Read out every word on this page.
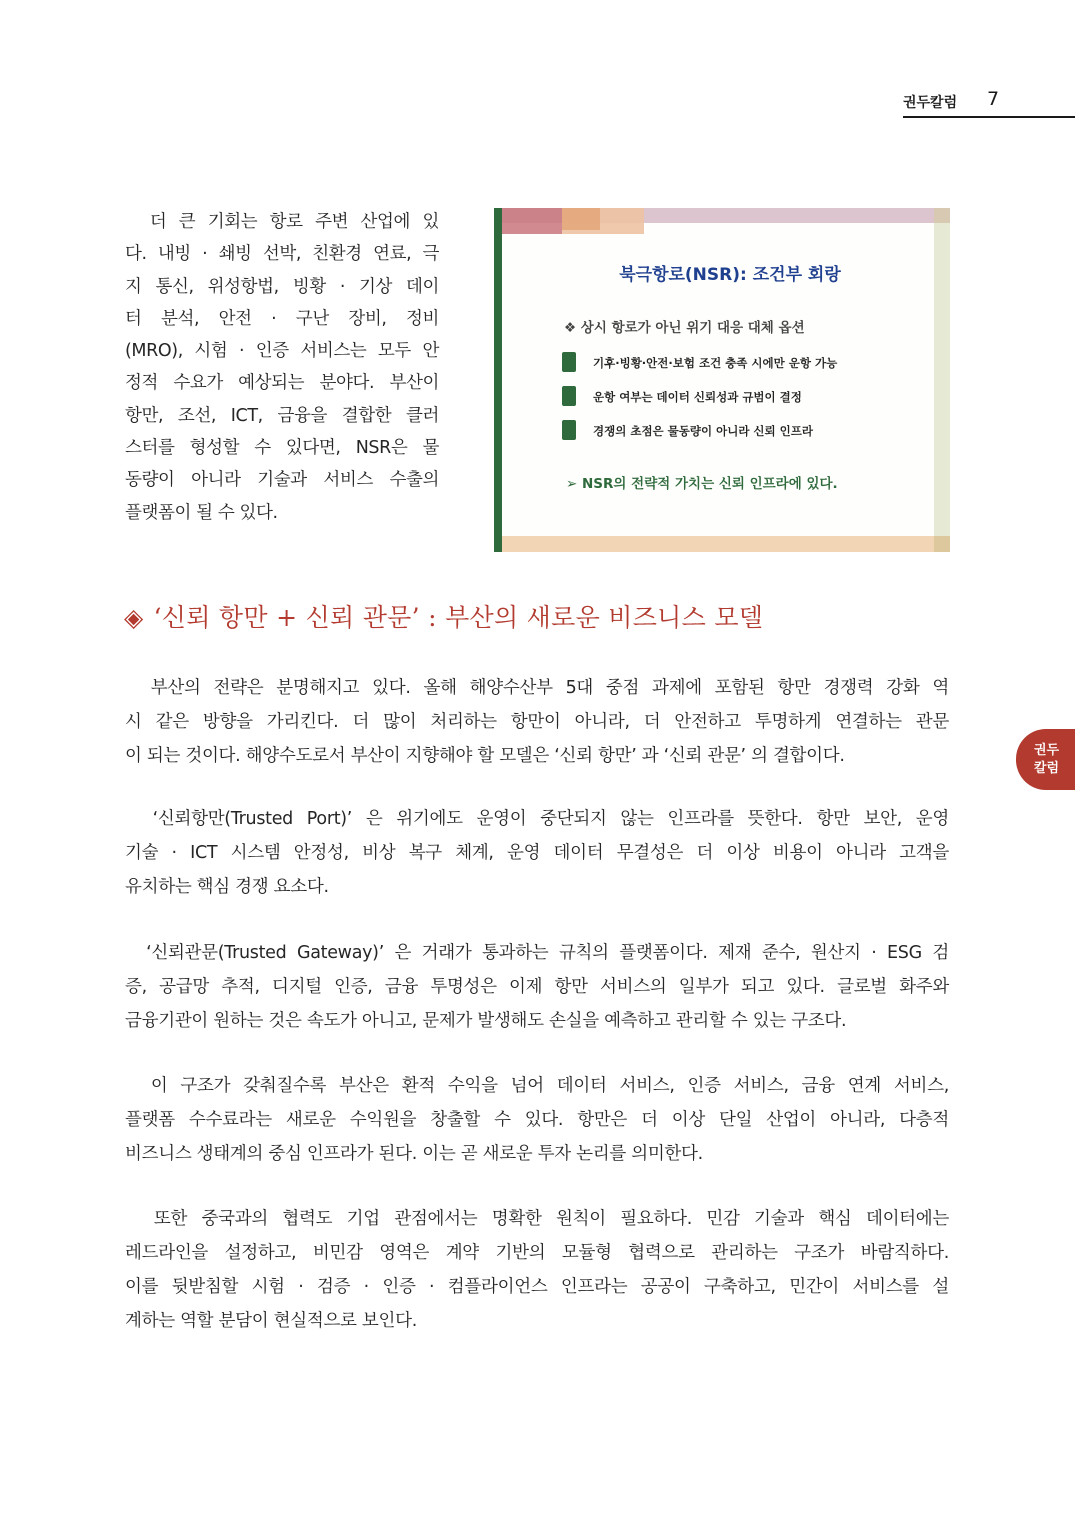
권두칼럼 7
권두
칼럼
더 큰 기회는 항로 주변 산업에 있
다. 내빙 · 쇄빙 선박, 친환경 연료, 극
지 통신, 위성항법, 빙황 · 기상 데이
터 분석, 안전 · 구난 장비, 정비
(MRO), 시험 · 인증 서비스는 모두 안
정적 수요가 예상되는 분야다. 부산이
항만, 조선, ICT, 금융을 결합한 클러
스터를 형성할 수 있다면, NSR은 물
동량이 아니라 기술과 서비스 수출의
플랫폼이 될 수 있다.
북극항로(NSR): 조건부 회랑
❖ 상시 항로가 아닌 위기 대응 대체 옵션
기후·빙황·안전·보험 조건 충족 시에만 운항 가능
운항 여부는 데이터 신뢰성과 규범이 결정
경쟁의 초점은 물동량이 아니라 신뢰 인프라
➢ NSR의 전략적 가치는 신뢰 인프라에 있다.
◈ ‘신뢰 항만 + 신뢰 관문’ : 부산의 새로운 비즈니스 모델
부산의 전략은 분명해지고 있다. 올해 해양수산부 5대 중점 과제에 포함된 항만 경쟁력 강화 역
시 같은 방향을 가리킨다. 더 많이 처리하는 항만이 아니라, 더 안전하고 투명하게 연결하는 관문
이 되는 것이다. 해양수도로서 부산이 지향해야 할 모델은 ‘신뢰 항만’ 과 ‘신뢰 관문’ 의 결합이다.
‘신뢰항만(Trusted Port)’ 은 위기에도 운영이 중단되지 않는 인프라를 뜻한다. 항만 보안, 운영
기술 · ICT 시스템 안정성, 비상 복구 체계, 운영 데이터 무결성은 더 이상 비용이 아니라 고객을
유치하는 핵심 경쟁 요소다.
‘신뢰관문(Trusted Gateway)’ 은 거래가 통과하는 규칙의 플랫폼이다. 제재 준수, 원산지 · ESG 검
증, 공급망 추적, 디지털 인증, 금융 투명성은 이제 항만 서비스의 일부가 되고 있다. 글로벌 화주와
금융기관이 원하는 것은 속도가 아니고, 문제가 발생해도 손실을 예측하고 관리할 수 있는 구조다.
이 구조가 갖춰질수록 부산은 환적 수익을 넘어 데이터 서비스, 인증 서비스, 금융 연계 서비스,
플랫폼 수수료라는 새로운 수익원을 창출할 수 있다. 항만은 더 이상 단일 산업이 아니라, 다층적
비즈니스 생태계의 중심 인프라가 된다. 이는 곧 새로운 투자 논리를 의미한다.
또한 중국과의 협력도 기업 관점에서는 명확한 원칙이 필요하다. 민감 기술과 핵심 데이터에는
레드라인을 설정하고, 비민감 영역은 계약 기반의 모듈형 협력으로 관리하는 구조가 바람직하다.
이를 뒷받침할 시험 · 검증 · 인증 · 컴플라이언스 인프라는 공공이 구축하고, 민간이 서비스를 설
계하는 역할 분담이 현실적으로 보인다.
